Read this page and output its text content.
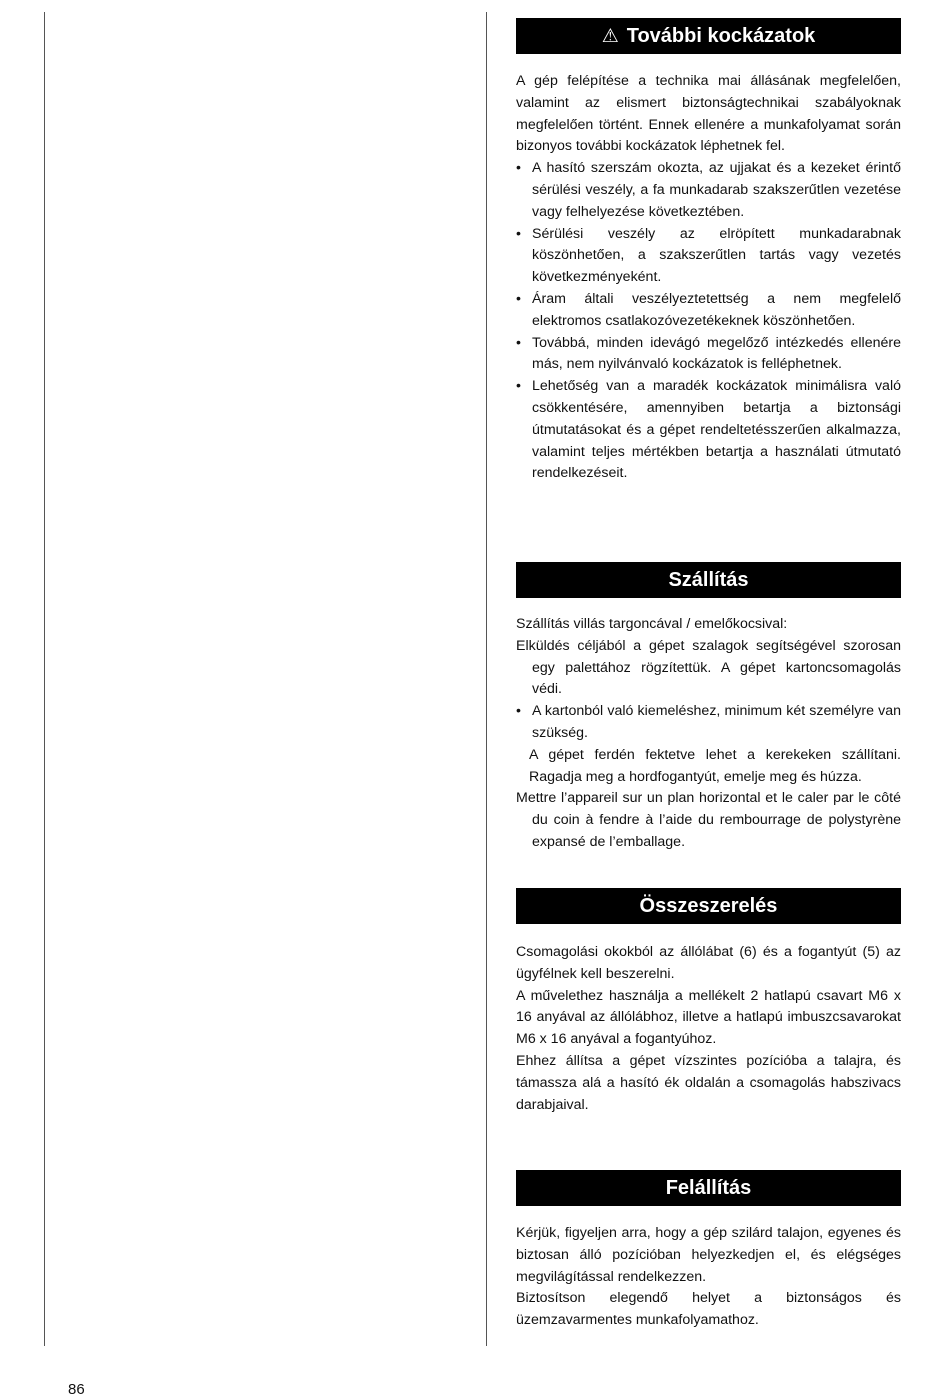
⚠ További kockázatok

A gép felépítése a technika mai állásának megfelelően, valamint az elismert biztonságtechnikai szabályoknak megfelelően történt. Ennek ellenére a munkafolyamat során bizonyos további kockázatok léphetnek fel.

• A hasító szerszám okozta, az ujjakat és a kezeket érintő sérülési veszély, a fa munkadarab szakszerűtlen vezetése vagy felhelyezése következtében.

• Sérülési veszély az elröpített munkadarabnak köszönhetően, a szakszerűtlen tartás vagy vezetés következményeként.

• Áram általi veszélyeztetettség a nem megfelelő elektromos csatlakozóvezetékeknek köszönhetően.

• Továbbá, minden idevágó megelőző intézkedés ellenére más, nem nyilvánvaló kockázatok is felléphetnek.

• Lehetőség van a maradék kockázatok minimálisra való csökkentésére, amennyiben betartja a biztonsági útmutatásokat és a gépet rendeltetésszerűen alkalmazza, valamint teljes mértékben betartja a használati útmutató rendelkezéseit.

Szállítás

Szállítás villás targoncával / emelőkocsival:

Elküldés céljából a gépet szalagok segítségével szorosan egy palettához rögzítettük. A gépet kartoncsomagolás védi.

• A kartonból való kiemeléshez, minimum két személyre van szükség.

A gépet ferdén fektetve lehet a kerekeken szállítani. Ragadja meg a hordfogantyút, emelje meg és húzza.

Mettre l’appareil sur un plan horizontal et le caler par le côté du coin à fendre à l’aide du rembourrage de polystyrène expansé de l’emballage.

Összeszerelés

Csomagolási okokból az állólábat (6) és a fogantyút (5) az ügyfélnek kell beszerelni.

A művelethez használja a mellékelt 2 hatlapú csavart M6 x 16 anyával az állólábhoz, illetve a hatlapú imbuszcsavarokat M6 x 16 anyával a fogantyúhoz.

Ehhez állítsa a gépet vízszintes pozícióba a talajra, és támassza alá a hasító ék oldalán a csomagolás habszivacs darabjaival.

Felállítás

Kérjük, figyeljen arra, hogy a gép szilárd talajon, egyenes és biztosan álló pozícióban helyezkedjen el, és elégséges megvilágítással rendelkezzen.

Biztosítson elegendő helyet a biztonságos és üzemzavarmentes munkafolyamathoz.

86
